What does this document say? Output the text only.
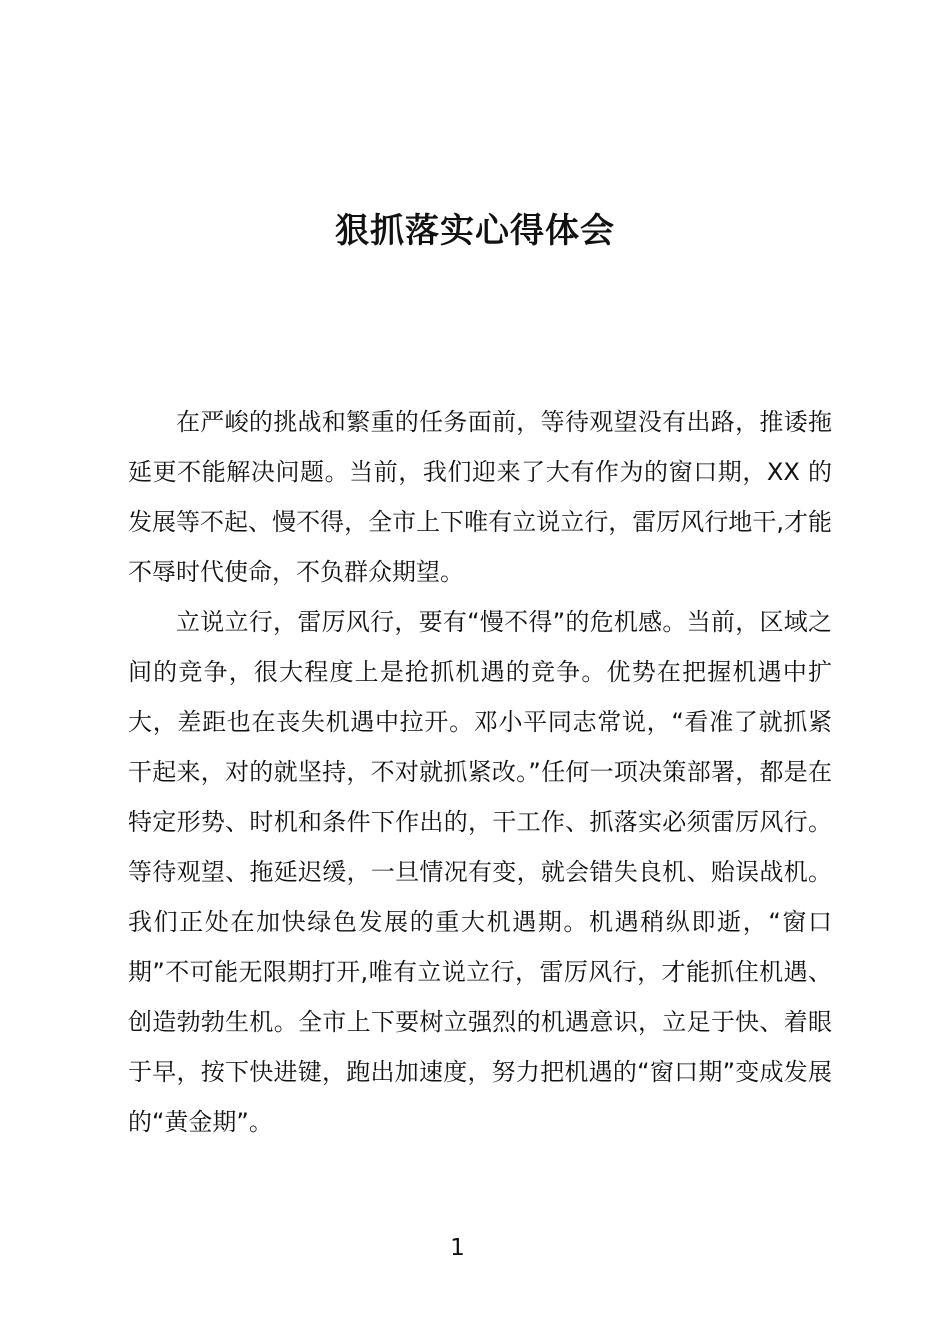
狠抓落实心得体会

在严峻的挑战和繁重的任务面前，等待观望没有出路，推诿拖延更不能解决问题。当前，我们迎来了大有作为的窗口期，XX 的发展等不起、慢不得，全市上下唯有立说立行，雷厉风行地干,才能不辱时代使命，不负群众期望。

立说立行，雷厉风行，要有“慢不得”的危机感。当前，区域之间的竞争，很大程度上是抢抓机遇的竞争。优势在把握机遇中扩大，差距也在丧失机遇中拉开。邓小平同志常说，“看准了就抓紧干起来，对的就坚持，不对就抓紧改。”任何一项决策部署，都是在特定形势、时机和条件下作出的，干工作、抓落实必须雷厉风行。等待观望、拖延迟缓，一旦情况有变，就会错失良机、贻误战机。我们正处在加快绿色发展的重大机遇期。机遇稍纵即逝，“窗口期”不可能无限期打开,唯有立说立行，雷厉风行，才能抓住机遇、创造勃勃生机。全市上下要树立强烈的机遇意识，立足于快、着眼于早，按下快进键，跑出加速度，努力把机遇的“窗口期”变成发展的“黄金期”。

1
